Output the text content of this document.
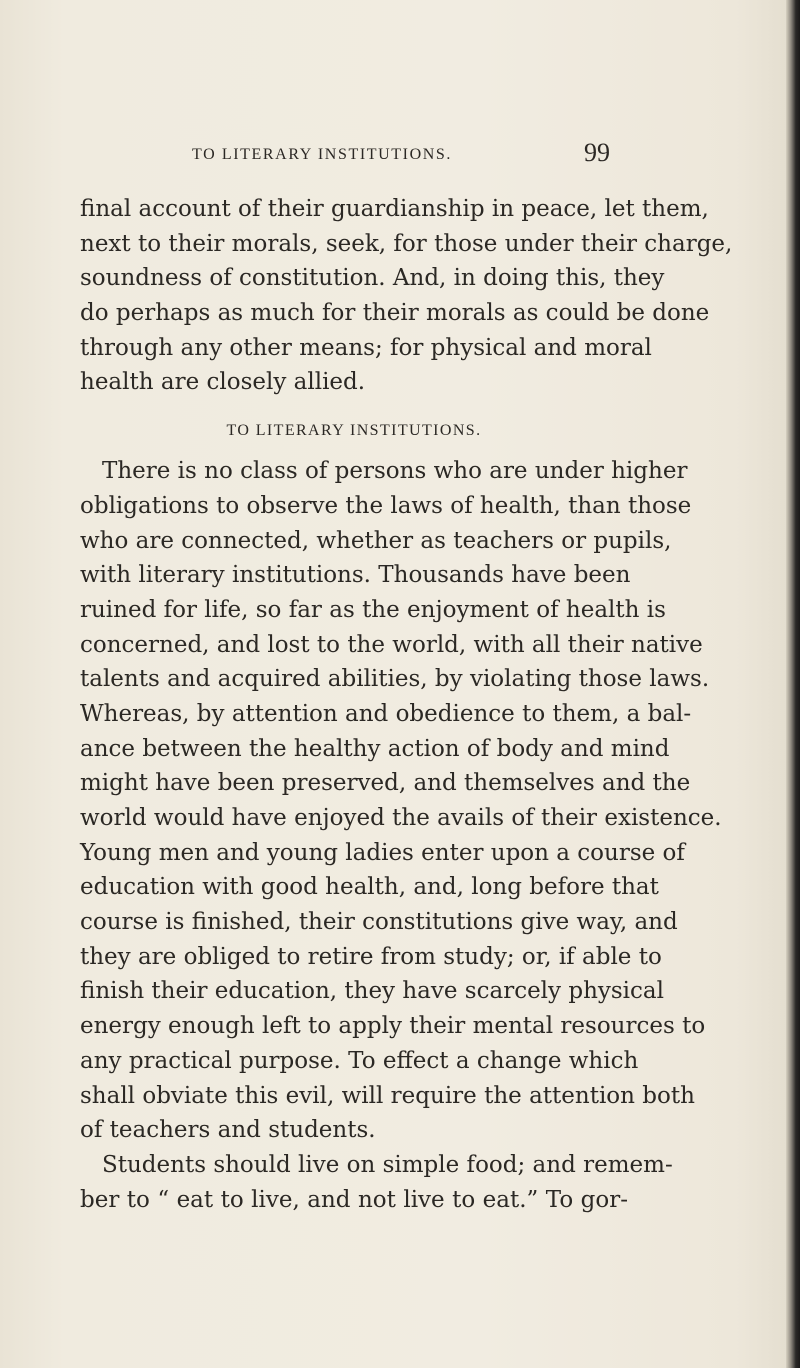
TO LITERARY INSTITUTIONS.	99
final account of their guardianship in peace, let them,
next to their morals, seek, for those under their charge,
soundness of constitution. And, in doing this, they
do perhaps as much for their morals as could be done
through any other means; for physical and moral
health are closely allied.
TO LITERARY INSTITUTIONS.
There is no class of persons who are under higher
obligations to observe the laws of health, than those
who are connected, whether as teachers or pupils,
with literary institutions. Thousands have been
ruined for life, so far as the enjoyment of health is
concerned, and lost to the world, with all their native
talents and acquired abilities, by violating those laws.
Whereas, by attention and obedience to them, a bal-
ance between the healthy action of body and mind
might have been preserved, and themselves and the
world would have enjoyed the avails of their existence.
Young men and young ladies enter upon a course of
education with good health, and, long before that
course is finished, their constitutions give way, and
they are obliged to retire from study; or, if able to
finish their education, they have scarcely physical
energy enough left to apply their mental resources to
any practical purpose. To effect a change which
shall obviate this evil, will require the attention both
of teachers and students.
Students should live on simple food; and remem-
ber to “ eat to live, and not live to eat.” To gor-
